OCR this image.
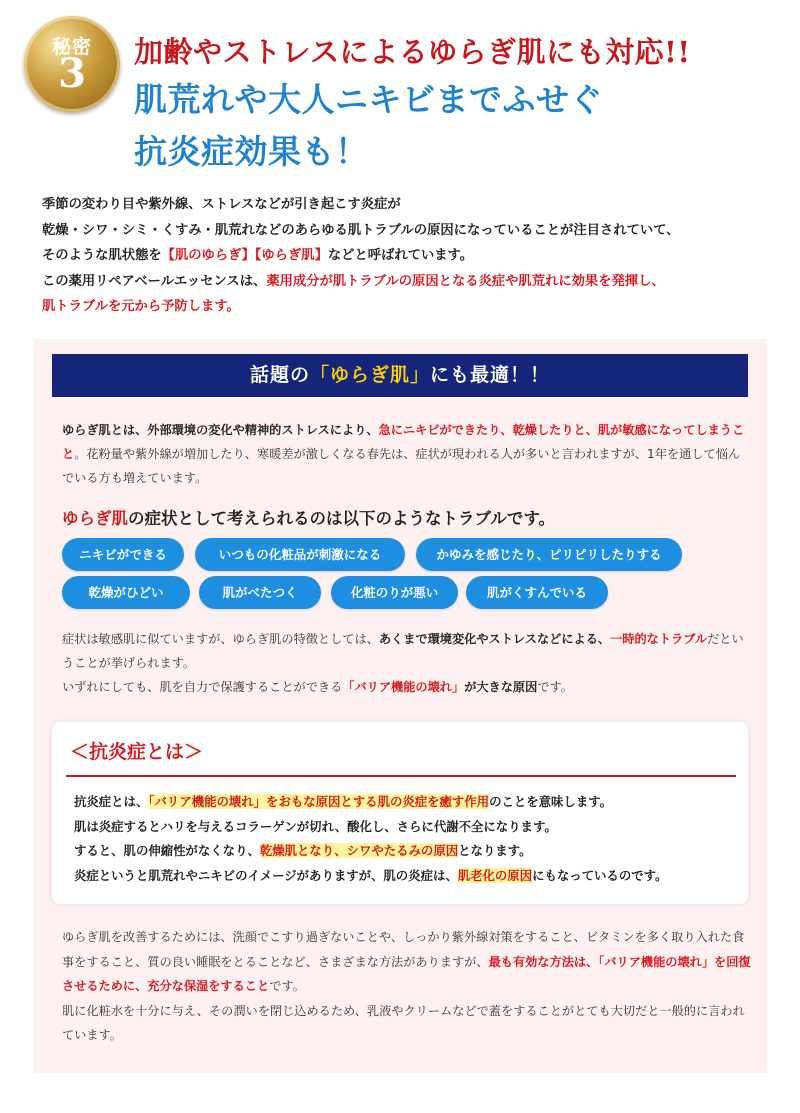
秘密
3	加齢やストレスによるゆらぎ肌にも対応!!
肌荒れや大人ニキビまでふせぐ
抗炎症効果も！

季節の変わり目や紫外線、ストレスなどが引き起こす炎症が

乾燥・シワ・シミ・くすみ・肌荒れなどのあらゆる肌トラブルの原因になっていることが注目されていて、

そのような肌状態を【肌のゆらぎ】【ゆらぎ肌】などと呼ばれています。

この薬用リペアベールエッセンスは、薬用成分が肌トラブルの原因となる炎症や肌荒れに効果を発揮し、

肌トラブルを元から予防します。

話題の「ゆらぎ肌」にも最適！！
ゆらぎ肌とは、外部環境の変化や精神的ストレスにより、急にニキビができたり、乾燥したりと、肌が敏感になってしまうこと。花粉量や紫外線が増加したり、寒暖差が激しくなる春先は、症状が現われる人が多いと言われますが、1年を通して悩んでいる方も増えています。
ゆらぎ肌の症状として考えられるのは以下のようなトラブルです。
ニキビができる	いつもの化粧品が刺激になる	かゆみを感じたり、ピリピリしたりする
乾燥がひどい	肌がべたつく	化粧のりが悪い	肌がくすんでいる
症状は敏感肌に似ていますが、ゆらぎ肌の特徴としては、あくまで環境変化やストレスなどによる、一時的なトラブルだということが挙げられます。
いずれにしても、肌を自力で保護することができる「バリア機能の壊れ」が大きな原因です。
＜抗炎症とは＞

抗炎症とは、「バリア機能の壊れ」をおもな原因とする肌の炎症を癒す作用のことを意味します。

肌は炎症するとハリを与えるコラーゲンが切れ、酸化し、さらに代謝不全になります。

すると、肌の伸縮性がなくなり、乾燥肌となり、シワやたるみの原因となります。

炎症というと肌荒れやニキビのイメージがありますが、肌の炎症は、肌老化の原因にもなっているのです。

ゆらぎ肌を改善するためには、洗顔でこすり過ぎないことや、しっかり紫外線対策をすること、ビタミンを多く取り入れた食事をすること、質の良い睡眠をとることなど、さまざまな方法がありますが、最も有効な方法は、「バリア機能の壊れ」を回復させるために、充分な保湿をすることです。
肌に化粧水を十分に与え、その潤いを閉じ込めるため、乳液やクリームなどで蓋をすることがとても大切だと一般的に言われています。
